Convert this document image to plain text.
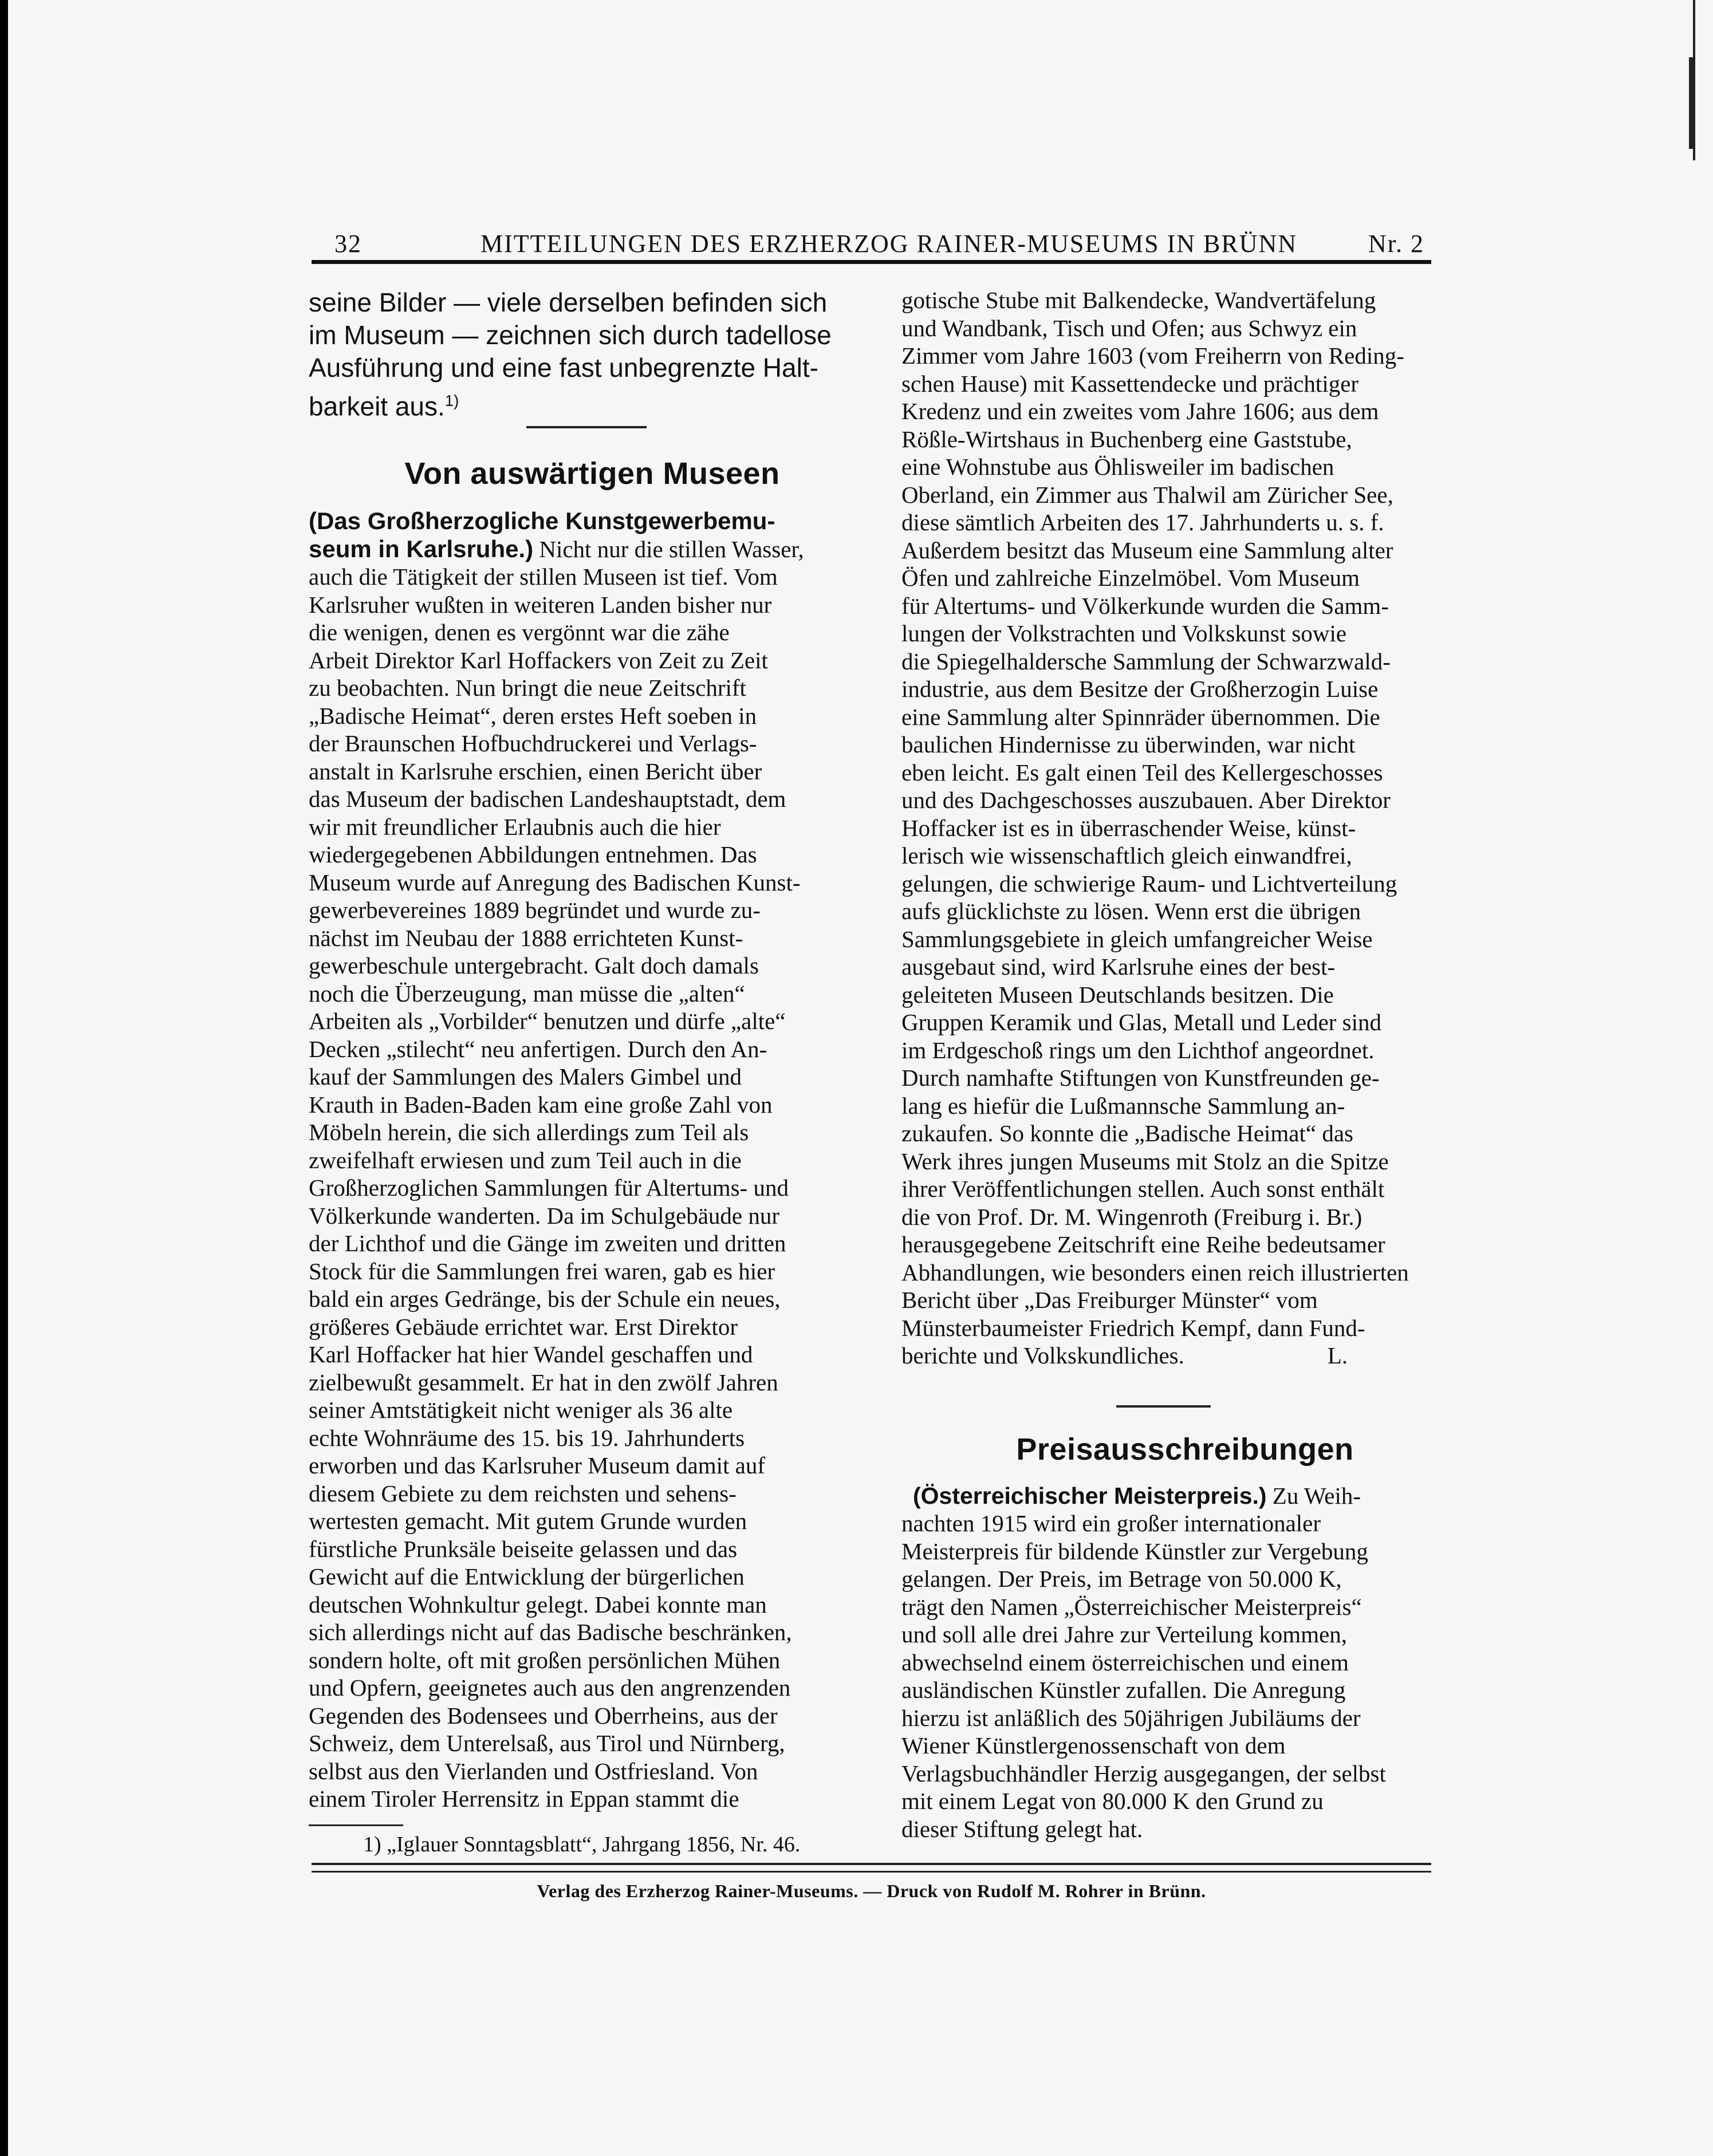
32	MITTEILUNGEN DES ERZHERZOG RAINER-MUSEUMS IN BRÜNN	Nr. 2

seine Bilder — viele derselben befinden sich
im Museum — zeichnen sich durch tadellose
Ausführung und eine fast unbegrenzte Halt-
barkeit aus.$^{1)}$

Von auswärtigen Museen

(Das Großherzogliche Kunstgewerbemu-
seum in Karlsruhe.) Nicht nur die stillen Wasser,
auch die Tätigkeit der stillen Museen ist tief. Vom
Karlsruher wußten in weiteren Landen bisher nur
die wenigen, denen es vergönnt war die zähe
Arbeit Direktor Karl Hoffackers von Zeit zu Zeit
zu beobachten. Nun bringt die neue Zeitschrift
„Badische Heimat“, deren erstes Heft soeben in
der Braunschen Hofbuchdruckerei und Verlags-
anstalt in Karlsruhe erschien, einen Bericht über
das Museum der badischen Landeshauptstadt, dem
wir mit freundlicher Erlaubnis auch die hier
wiedergegebenen Abbildungen entnehmen. Das
Museum wurde auf Anregung des Badischen Kunst-
gewerbevereines 1889 begründet und wurde zu-
nächst im Neubau der 1888 errichteten Kunst-
gewerbeschule untergebracht. Galt doch damals
noch die Überzeugung, man müsse die „alten“
Arbeiten als „Vorbilder“ benutzen und dürfe „alte“
Decken „stilecht“ neu anfertigen. Durch den An-
kauf der Sammlungen des Malers Gimbel und
Krauth in Baden-Baden kam eine große Zahl von
Möbeln herein, die sich allerdings zum Teil als
zweifelhaft erwiesen und zum Teil auch in die
Großherzoglichen Sammlungen für Altertums- und
Völkerkunde wanderten. Da im Schulgebäude nur
der Lichthof und die Gänge im zweiten und dritten
Stock für die Sammlungen frei waren, gab es hier
bald ein arges Gedränge, bis der Schule ein neues,
größeres Gebäude errichtet war. Erst Direktor
Karl Hoffacker hat hier Wandel geschaffen und
zielbewußt gesammelt. Er hat in den zwölf Jahren
seiner Amtstätigkeit nicht weniger als 36 alte
echte Wohnräume des 15. bis 19. Jahrhunderts
erworben und das Karlsruher Museum damit auf
diesem Gebiete zu dem reichsten und sehens-
wertesten gemacht. Mit gutem Grunde wurden
fürstliche Prunksäle beiseite gelassen und das
Gewicht auf die Entwicklung der bürgerlichen
deutschen Wohnkultur gelegt. Dabei konnte man
sich allerdings nicht auf das Badische beschränken,
sondern holte, oft mit großen persönlichen Mühen
und Opfern, geeignetes auch aus den angrenzenden
Gegenden des Bodensees und Oberrheins, aus der
Schweiz, dem Unterelsaß, aus Tirol und Nürnberg,
selbst aus den Vierlanden und Ostfriesland. Von
einem Tiroler Herrensitz in Eppan stammt die

1) „Iglauer Sonntagsblatt“, Jahrgang 1856, Nr. 46.

gotische Stube mit Balkendecke, Wandvertäfelung
und Wandbank, Tisch und Ofen; aus Schwyz ein
Zimmer vom Jahre 1603 (vom Freiherrn von Reding-
schen Hause) mit Kassettendecke und prächtiger
Kredenz und ein zweites vom Jahre 1606; aus dem
Rößle-Wirtshaus in Buchenberg eine Gaststube,
eine Wohnstube aus Öhlisweiler im badischen
Oberland, ein Zimmer aus Thalwil am Züricher See,
diese sämtlich Arbeiten des 17. Jahrhunderts u. s. f.
Außerdem besitzt das Museum eine Sammlung alter
Öfen und zahlreiche Einzelmöbel. Vom Museum
für Altertums- und Völkerkunde wurden die Samm-
lungen der Volkstrachten und Volkskunst sowie
die Spiegelhaldersche Sammlung der Schwarzwald-
industrie, aus dem Besitze der Großherzogin Luise
eine Sammlung alter Spinnräder übernommen. Die
baulichen Hindernisse zu überwinden, war nicht
eben leicht. Es galt einen Teil des Kellergeschosses
und des Dachgeschosses auszubauen. Aber Direktor
Hoffacker ist es in überraschender Weise, künst-
lerisch wie wissenschaftlich gleich einwandfrei,
gelungen, die schwierige Raum- und Lichtverteilung
aufs glücklichste zu lösen. Wenn erst die übrigen
Sammlungsgebiete in gleich umfangreicher Weise
ausgebaut sind, wird Karlsruhe eines der best-
geleiteten Museen Deutschlands besitzen. Die
Gruppen Keramik und Glas, Metall und Leder sind
im Erdgeschoß rings um den Lichthof angeordnet.
Durch namhafte Stiftungen von Kunstfreunden ge-
lang es hiefür die Lußmannsche Sammlung an-
zukaufen. So konnte die „Badische Heimat“ das
Werk ihres jungen Museums mit Stolz an die Spitze
ihrer Veröffentlichungen stellen. Auch sonst enthält
die von Prof. Dr. M. Wingenroth (Freiburg i. Br.)
herausgegebene Zeitschrift eine Reihe bedeutsamer
Abhandlungen, wie besonders einen reich illustrierten
Bericht über „Das Freiburger Münster“ vom
Münsterbaumeister Friedrich Kempf, dann Fund-
berichte und Volkskundliches.	L.

Preisausschreibungen

(Österreichischer Meisterpreis.) Zu Weih-
nachten 1915 wird ein großer internationaler
Meisterpreis für bildende Künstler zur Vergebung
gelangen. Der Preis, im Betrage von 50.000 K,
trägt den Namen „Österreichischer Meisterpreis“
und soll alle drei Jahre zur Verteilung kommen,
abwechselnd einem österreichischen und einem
ausländischen Künstler zufallen. Die Anregung
hierzu ist anläßlich des 50jährigen Jubiläums der
Wiener Künstlergenossenschaft von dem
Verlagsbuchhändler Herzig ausgegangen, der selbst
mit einem Legat von 80.000 K den Grund zu
dieser Stiftung gelegt hat.

Verlag des Erzherzog Rainer-Museums. — Druck von Rudolf M. Rohrer in Brünn.
